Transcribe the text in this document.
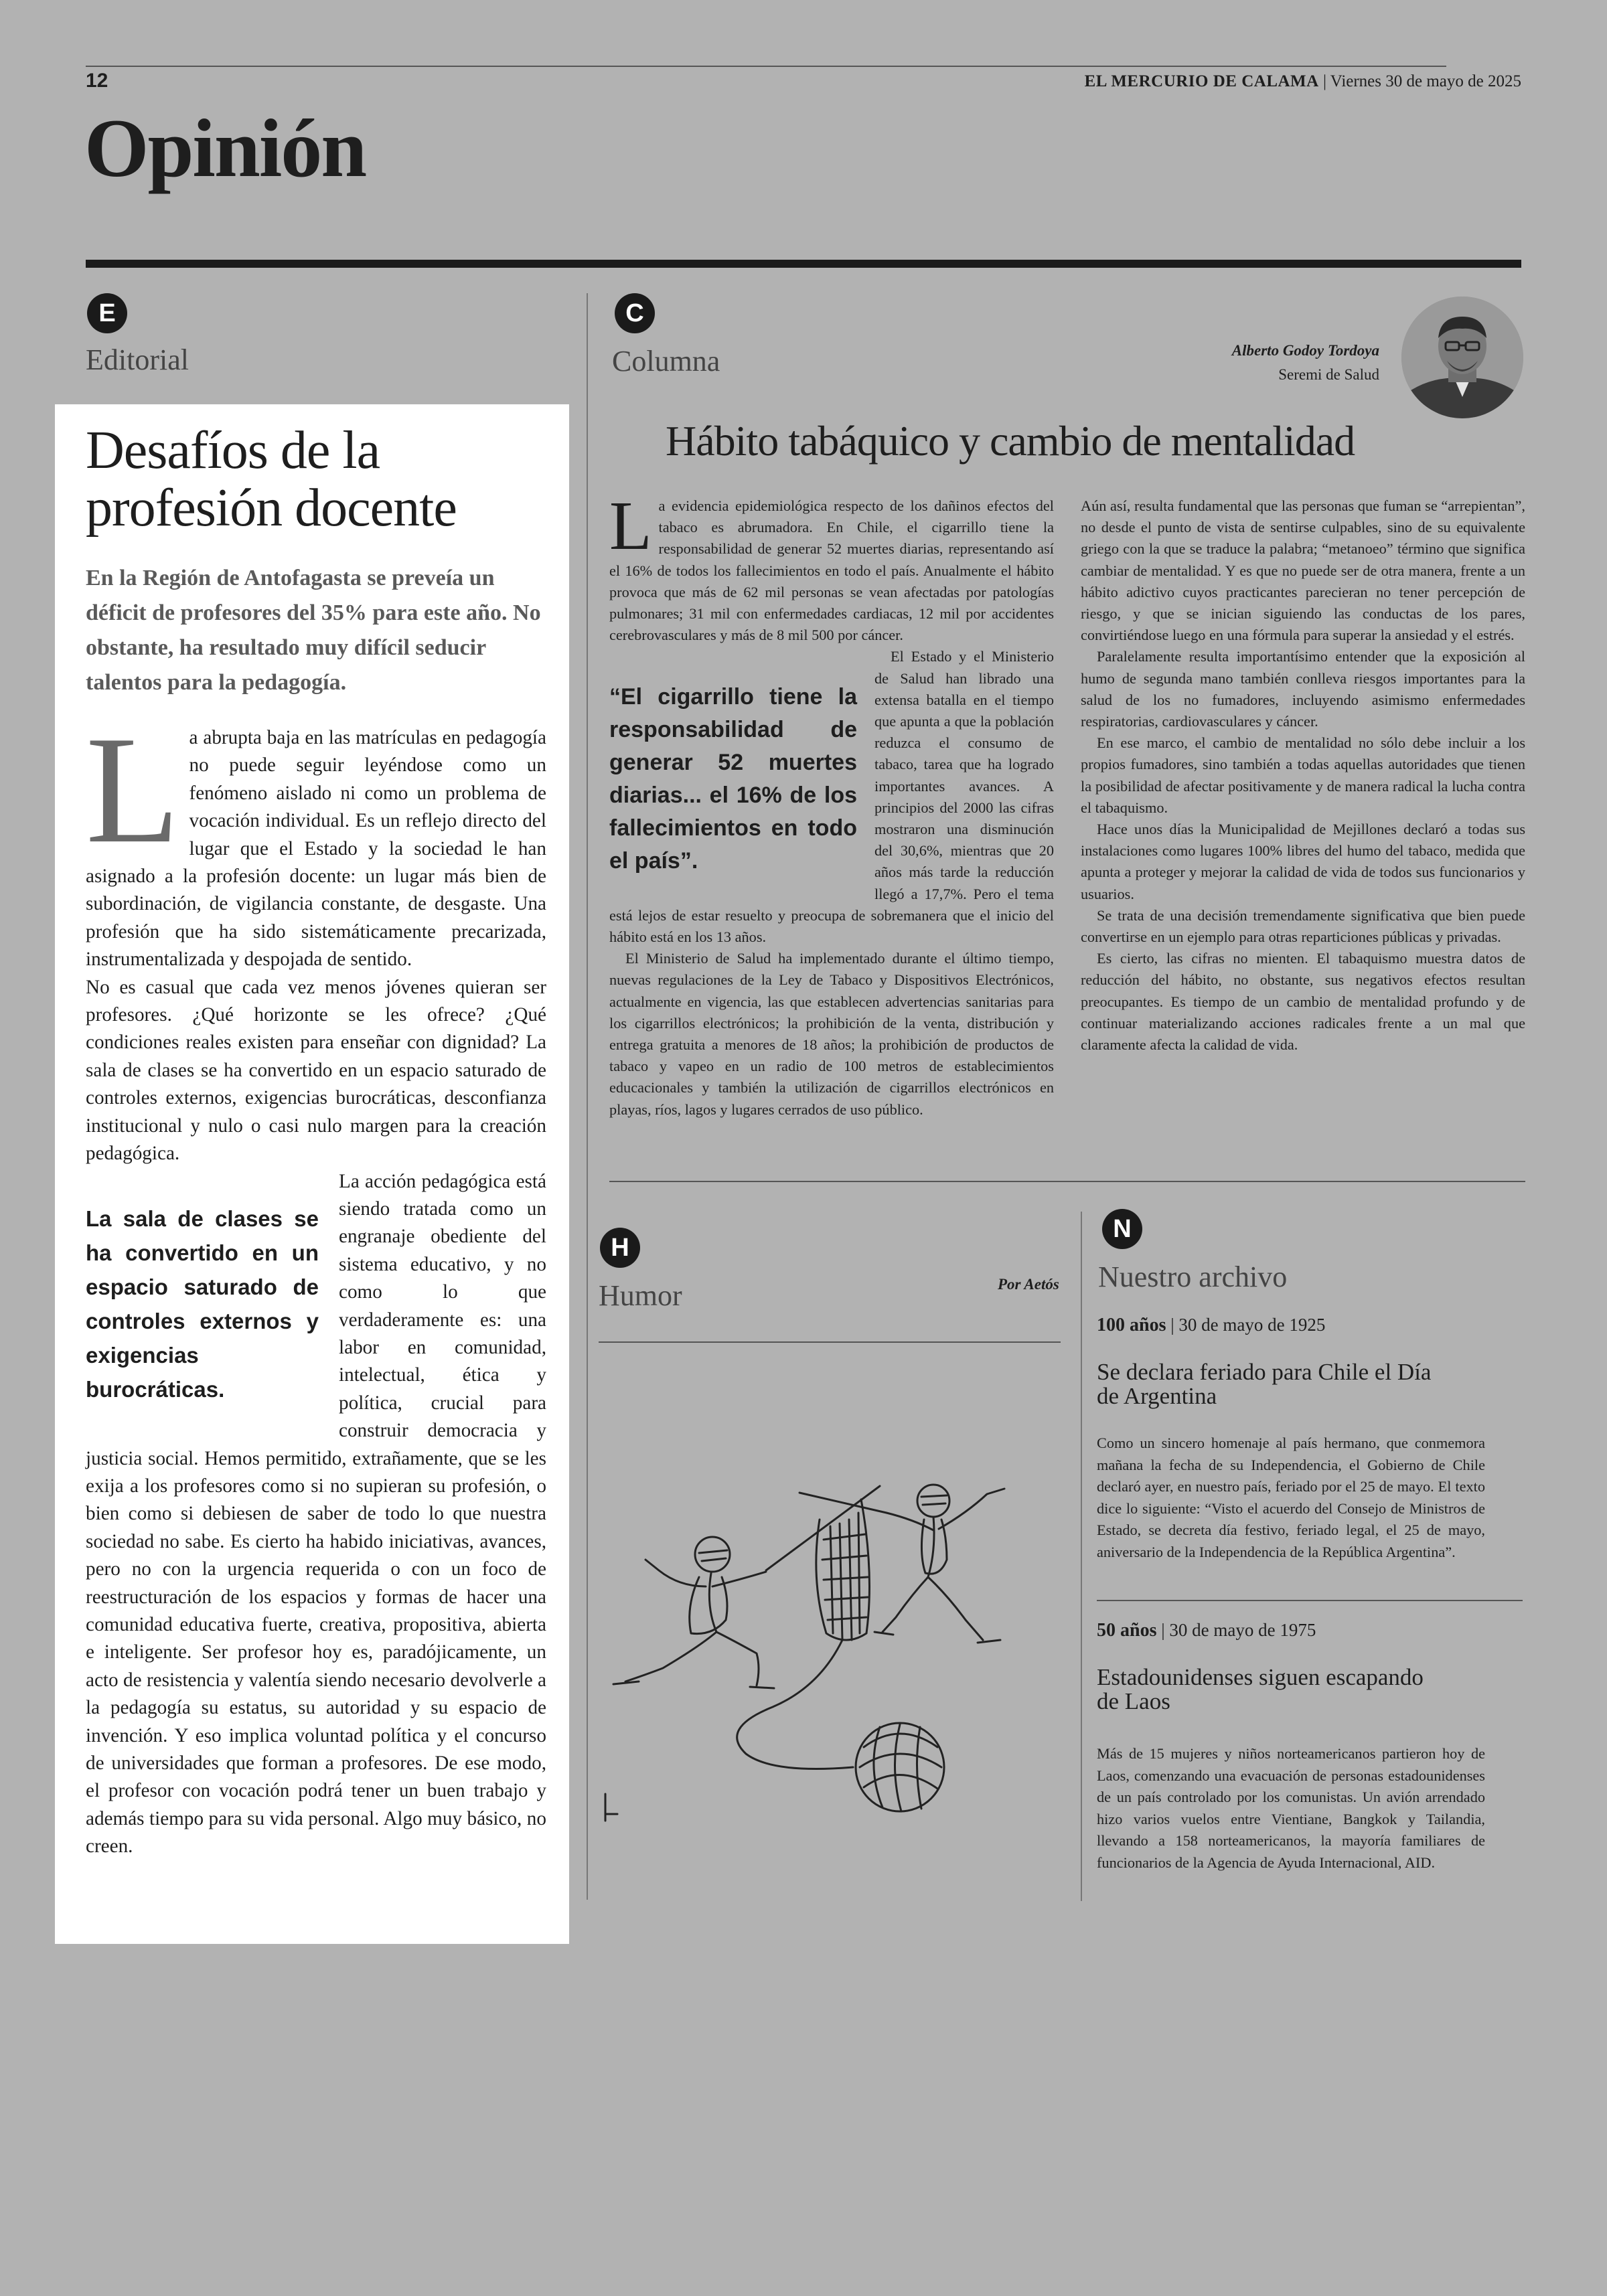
12	EL MERCURIO DE CALAMA | Viernes 30 de mayo de 2025
Opinión
E
Editorial
Desafíos de la profesión docente
En la Región de Antofagasta se preveía un déficit de profesores del 35% para este año. No obstante, ha resultado muy difícil seducir talentos para la pedagogía.

La abrupta baja en las matrículas en pedagogía no puede seguir leyéndose como un fenómeno aislado ni como un problema de vocación individual. Es un reflejo directo del lugar que el Estado y la sociedad le han asignado a la profesión docente: un lugar más bien de subordinación, de vigilancia constante, de desgaste. Una profesión que ha sido sistemáticamente precarizada, instrumentalizada y despojada de sentido.

No es casual que cada vez menos jóvenes quieran ser profesores. ¿Qué horizonte se les ofrece? ¿Qué condiciones reales existen para enseñar con dignidad? La sala de clases se ha convertido en un espacio saturado de controles externos, exigencias burocráticas, desconfianza institucional y nulo o casi nulo margen para la creación pedagógica.

La sala de clases se ha convertido en un espacio saturado de controles externos y exigencias burocráticas.
La acción pedagógica está siendo tratada como un engranaje obediente del sistema educativo, y no como lo que verdaderamente es: una labor en comunidad, intelectual, ética y política, crucial para construir democracia y justicia social. Hemos permitido, extrañamente, que se les exija a los profesores como si no supieran su profesión, o bien como si debiesen de saber de todo lo que nuestra sociedad no sabe. Es cierto ha habido iniciativas, avances, pero no con la urgencia requerida o con un foco de reestructuración de los espacios y formas de hacer una comunidad educativa fuerte, creativa, propositiva, abierta e inteligente. Ser profesor hoy es, paradójicamente, un acto de resistencia y valentía siendo necesario devolverle a la pedagogía su estatus, su autoridad y su espacio de invención. Y eso implica voluntad política y el concurso de universidades que forman a profesores. De ese modo, el profesor con vocación podrá tener un buen trabajo y además tiempo para su vida personal. Algo muy básico, no creen.

C
Columna	Alberto Godoy Tordoya
Seremi de Salud
Hábito tabáquico y cambio de mentalidad

La evidencia epidemiológica respecto de los dañinos efectos del tabaco es abrumadora. En Chile, el cigarrillo tiene la responsabilidad de generar 52 muertes diarias, representando así el 16% de todos los fallecimientos en todo el país. Anualmente el hábito provoca que más de 62 mil personas se vean afectadas por patologías pulmonares; 31 mil con enfermedades cardiacas, 12 mil por accidentes cerebrovasculares y más de 8 mil 500 por cáncer.

“El cigarrillo tiene la responsabilidad de generar 52 muertes diarias... el 16% de los fallecimientos en todo el país”.
El Estado y el Ministerio de Salud han librado una extensa batalla en el tiempo que apunta a que la población reduzca el consumo de tabaco, tarea que ha logrado importantes avances. A principios del 2000 las cifras mostraron una disminución del 30,6%, mientras que 20 años más tarde la reducción llegó a 17,7%. Pero el tema está lejos de estar resuelto y preocupa de sobremanera que el inicio del hábito está en los 13 años.

El Ministerio de Salud ha implementado durante el último tiempo, nuevas regulaciones de la Ley de Tabaco y Dispositivos Electrónicos, actualmente en vigencia, las que establecen advertencias sanitarias para los cigarrillos electrónicos; la prohibición de la venta, distribución y entrega gratuita a menores de 18 años; la prohibición de productos de tabaco y vapeo en un radio de 100 metros de establecimientos educacionales y también la utilización de cigarrillos electrónicos en playas, ríos, lagos y lugares cerrados de uso público.

Aún así, resulta fundamental que las personas que fuman se “arrepientan”, no desde el punto de vista de sentirse culpables, sino de su equivalente griego con la que se traduce la palabra; “metanoeo” término que significa cambiar de mentalidad. Y es que no puede ser de otra manera, frente a un hábito adictivo cuyos practicantes parecieran no tener percepción de riesgo, y que se inician siguiendo las conductas de los pares, convirtiéndose luego en una fórmula para superar la ansiedad y el estrés.

Paralelamente resulta importantísimo entender que la exposición al humo de segunda mano también conlleva riesgos importantes para la salud de los no fumadores, incluyendo asimismo enfermedades respiratorias, cardiovasculares y cáncer.

En ese marco, el cambio de mentalidad no sólo debe incluir a los propios fumadores, sino también a todas aquellas autoridades que tienen la posibilidad de afectar positivamente y de manera radical la lucha contra el tabaquismo.

Hace unos días la Municipalidad de Mejillones declaró a todas sus instalaciones como lugares 100% libres del humo del tabaco, medida que apunta a proteger y mejorar la calidad de vida de todos sus funcionarios y usuarios.

Se trata de una decisión tremendamente significativa que bien puede convertirse en un ejemplo para otras reparticiones públicas y privadas.

Es cierto, las cifras no mienten. El tabaquismo muestra datos de reducción del hábito, no obstante, sus negativos efectos resultan preocupantes. Es tiempo de un cambio de mentalidad profundo y de continuar materializando acciones radicales frente a un mal que claramente afecta la calidad de vida.

H
Humor	Por Aetós
N
Nuestro archivo
100 años | 30 de mayo de 1925
Se declara feriado para Chile el Día de Argentina
Como un sincero homenaje al país hermano, que conmemora mañana la fecha de su Independencia, el Gobierno de Chile declaró ayer, en nuestro país, feriado por el 25 de mayo. El texto dice lo siguiente: “Visto el acuerdo del Consejo de Ministros de Estado, se decreta día festivo, feriado legal, el 25 de mayo, aniversario de la Independencia de la República Argentina”.
50 años | 30 de mayo de 1975
Estadounidenses siguen escapando de Laos
Más de 15 mujeres y niños norteamericanos partieron hoy de Laos, comenzando una evacuación de personas estadounidenses de un país controlado por los comunistas. Un avión arrendado hizo varios vuelos entre Vientiane, Bangkok y Tailandia, llevando a 158 norteamericanos, la mayoría familiares de funcionarios de la Agencia de Ayuda Internacional, AID.
